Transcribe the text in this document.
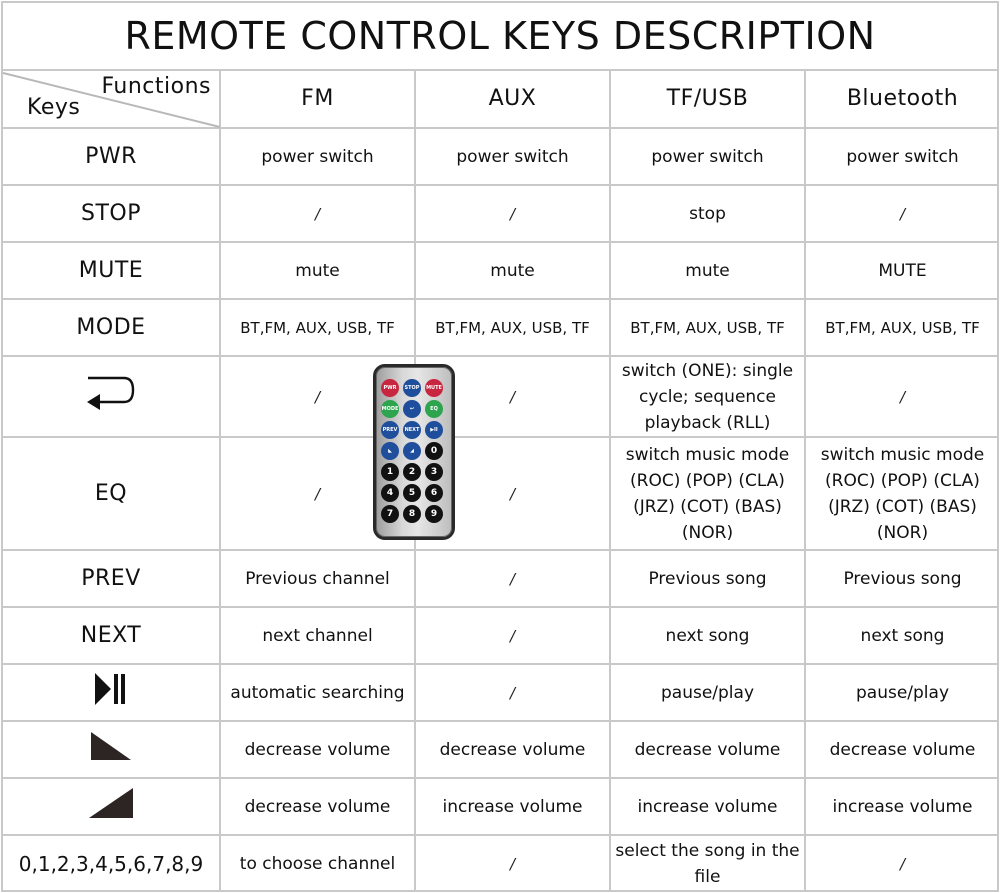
REMOTE CONTROL KEYS DESCRIPTION
Functions
Keys	FM	AUX	TF/USB	Bluetooth
PWR	power switch	power switch	power switch	power switch
STOP	/	/	stop	/
MUTE	mute	mute	mute	MUTE
MODE	BT,FM, AUX, USB, TF	BT,FM, AUX, USB, TF	BT,FM, AUX, USB, TF	BT,FM, AUX, USB, TF
	/	/	switch (ONE): single cycle; sequence playback (RLL)	/
EQ	/	/	switch music mode (ROC) (POP) (CLA) (JRZ) (COT) (BAS) (NOR)	switch music mode (ROC) (POP) (CLA) (JRZ) (COT) (BAS) (NOR)
PREV	Previous channel	/	Previous song	Previous song
NEXT	next channel	/	next song	next song
	automatic searching	/	pause/play	pause/play
	decrease volume	decrease volume	decrease volume	decrease volume
	decrease volume	increase volume	increase volume	increase volume
0,1,2,3,4,5,6,7,8,9	to choose channel	/	select the song in the file	/
PWR	STOP	MUTE
MODE	↩	EQ
PREV	NEXT	▶II
◣	◢	0
1	2	3
4	5	6
7	8	9
